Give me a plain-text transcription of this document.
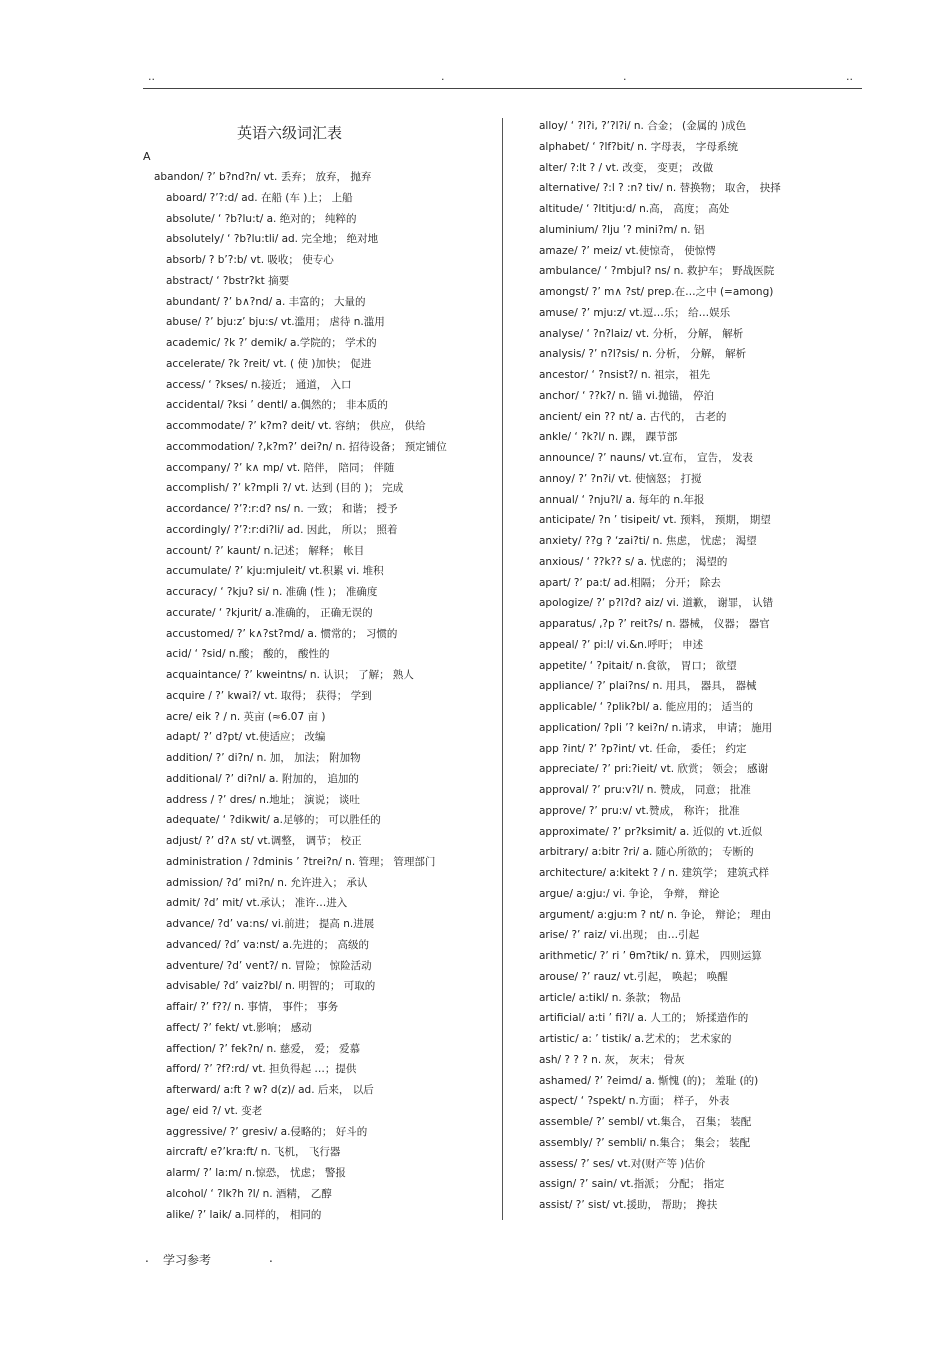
..	.	.	..
英语六级词汇表
A
abandon/ ?’ b?nd?n/ vt. 丢弃； 放弃， 抛弃
aboard/ ?’?:d/ ad. 在船 (车 )上； 上船
absolute/ ‘ ?b?lu:t/ a. 绝对的； 纯粹的
absolutely/ ‘ ?b?lu:tli/ ad. 完全地； 绝对地
absorb/ ? b’?:b/ vt. 吸收； 使专心
abstract/ ‘ ?bstr?kt 摘要
abundant/ ?’ b∧?nd/ a. 丰富的； 大量的
abuse/ ?’ bju:z’ bju:s/ vt.滥用； 虐待 n.滥用
academic/ ?k ?’ demik/ a.学院的； 学术的
accelerate/ ?k ?reit/ vt. ( 使 )加快； 促进
access/ ‘ ?kses/ n.接近； 通道， 入口
accidental/ ?ksi ’ dentl/ a.偶然的； 非本质的
accommodate/ ?’ k?m? deit/ vt. 容纳； 供应， 供给
accommodation/ ?,k?m?’ dei?n/ n. 招待设备； 预定铺位
accompany/ ?’ k∧ mp/ vt. 陪伴， 陪同； 伴随
accomplish/ ?’ k?mpli ?/ vt. 达到 (目的 )； 完成
accordance/ ?’?:r:d? ns/ n. 一致； 和谐； 授予
accordingly/ ?’?:r:di?li/ ad. 因此， 所以； 照着
account/ ?’ kaunt/ n.记述； 解释； 帐目
accumulate/ ?’ kju:mjuleit/ vt.积累 vi. 堆积
accuracy/ ‘ ?kju? si/ n. 准确 (性 )； 准确度
accurate/ ‘ ?kjurit/ a.准确的， 正确无误的
accustomed/ ?’ k∧?st?md/ a. 惯常的； 习惯的
acid/ ‘ ?sid/ n.酸； 酸的， 酸性的
acquaintance/ ?’ kweintns/ n. 认识； 了解； 熟人
acquire / ?’ kwai?/ vt. 取得； 获得； 学到
acre/ eik ? / n. 英亩 (≈6.07 亩 )
adapt/ ?’ d?pt/ vt.使适应； 改编
addition/ ?’ di?n/ n. 加， 加法； 附加物
additional/ ?’ di?nl/ a. 附加的， 追加的
address / ?’ dres/ n.地址； 演说； 谈吐
adequate/ ‘ ?dikwit/ a.足够的； 可以胜任的
adjust/ ?’ d?∧ st/ vt.调整， 调节； 校正
administration / ?dminis ’ ?trei?n/ n. 管理； 管理部门
admission/ ?d’ mi?n/ n. 允许进入； 承认
admit/ ?d’ mit/ vt.承认； 准许…进入
advance/ ?d’ va:ns/ vi.前进； 提高 n.进展
advanced/ ?d’ va:nst/ a.先进的； 高级的
adventure/ ?d’ vent?/ n. 冒险； 惊险活动
advisable/ ?d’ vaiz?bl/ n. 明智的； 可取的
affair/ ?’ f??/ n. 事情， 事件； 事务
affect/ ?’ fekt/ vt.影响； 感动
affection/ ?’ fek?n/ n. 慈爱， 爱； 爱慕
afford/ ?’ ?f?:rd/ vt. 担负得起 …；提供
afterward/ a:ft ? w? d(z)/ ad. 后来， 以后
age/ eid ?/ vt. 变老
aggressive/ ?’ gresiv/ a.侵略的； 好斗的
aircraft/ e?’kra:ft/ n. 飞机， 飞行器
alarm/ ?’ la:m/ n.惊恐， 忧虑； 警报
alcohol/ ‘ ?lk?h ?l/ n. 酒精， 乙醇
alike/ ?’ laik/ a.同样的， 相同的
alloy/ ‘ ?l?i, ?’?l?i/ n. 合金； (金属的 )成色
alphabet/ ‘ ?lf?bit/ n. 字母表， 字母系统
alter/ ?:lt ? / vt. 改变， 变更； 改做
alternative/ ?:l ? :n? tiv/ n. 替换物； 取舍， 抉择
altitude/ ‘ ?ltitju:d/ n.高， 高度； 高处
aluminium/ ?lju ’? mini?m/ n. 铝
amaze/ ?’ meiz/ vt.使惊奇， 使惊愕
ambulance/ ‘ ?mbjul? ns/ n. 救护车； 野战医院
amongst/ ?’ m∧ ?st/ prep.在…之中 (=among)
amuse/ ?’ mju:z/ vt.逗…乐； 给…娱乐
analyse/ ‘ ?n?laiz/ vt. 分析， 分解， 解析
analysis/ ?’ n?l?sis/ n. 分析， 分解， 解析
ancestor/ ‘ ?nsist?/ n. 祖宗， 祖先
anchor/ ‘ ??k?/ n. 锚 vi.抛锚， 停泊
ancient/ ein ?? nt/ a. 古代的， 古老的
ankle/ ‘ ?k?l/ n. 踝， 踝节部
announce/ ?’ nauns/ vt.宣布， 宣告， 发表
annoy/ ?’ ?n?i/ vt. 使恼怒； 打搅
annual/ ‘ ?nju?l/ a. 每年的 n.年报
anticipate/ ?n ’ tisipeit/ vt. 预料， 预期， 期望
anxiety/ ??g ? ‘zai?ti/ n. 焦虑， 忧虑； 渴望
anxious/ ‘ ??k?? s/ a. 忧虑的； 渴望的
apart/ ?’ pa:t/ ad.相隔； 分开； 除去
apologize/ ?’ p?l?d? aiz/ vi. 道歉， 谢罪， 认错
apparatus/ ,?p ?’ reit?s/ n. 器械， 仪器； 器官
appeal/ ?’ pi:l/ vi.&n.呼吁； 申述
appetite/ ‘ ?pitait/ n.食欲， 胃口； 欲望
appliance/ ?’ plai?ns/ n. 用具， 器具， 器械
applicable/ ‘ ?plik?bl/ a. 能应用的； 适当的
application/ ?pli ’? kei?n/ n.请求， 申请； 施用
app ?int/ ?’ ?p?int/ vt. 任命， 委任； 约定
appreciate/ ?’ pri:?ieit/ vt. 欣赏； 领会； 感谢
approval/ ?’ pru:v?l/ n. 赞成， 同意； 批准
approve/ ?’ pru:v/ vt.赞成， 称许； 批准
approximate/ ?’ pr?ksimit/ a. 近似的 vt.近似
arbitrary/ a:bitr ?ri/ a. 随心所欲的； 专断的
architecture/ a:kitekt ? / n. 建筑学； 建筑式样
argue/ a:gju:/ vi. 争论， 争辩， 辩论
argument/ a:gju:m ? nt/ n. 争论， 辩论； 理由
arise/ ?’ raiz/ vi.出现； 由…引起
arithmetic/ ?’ ri ’ θm?tik/ n. 算术， 四则运算
arouse/ ?’ rauz/ vt.引起， 唤起； 唤醒
article/ a:tikl/ n. 条款； 物品
artificial/ a:ti ’ fi?l/ a. 人工的； 矫揉造作的
artistic/ a: ’ tistik/ a.艺术的； 艺术家的
ash/ ? ? ? n. 灰， 灰末； 骨灰
ashamed/ ?’ ?eimd/ a. 惭愧 (的)； 羞耻 (的)
aspect/ ‘ ?spekt/ n.方面； 样子， 外表
assemble/ ?’ sembl/ vt.集合， 召集； 装配
assembly/ ?’ sembli/ n.集合； 集会； 装配
assess/ ?’ ses/ vt.对(财产等 )估价
assign/ ?’ sain/ vt.指派； 分配； 指定
assist/ ?’ sist/ vt.援助， 帮助； 搀扶
. 学习参考	.
